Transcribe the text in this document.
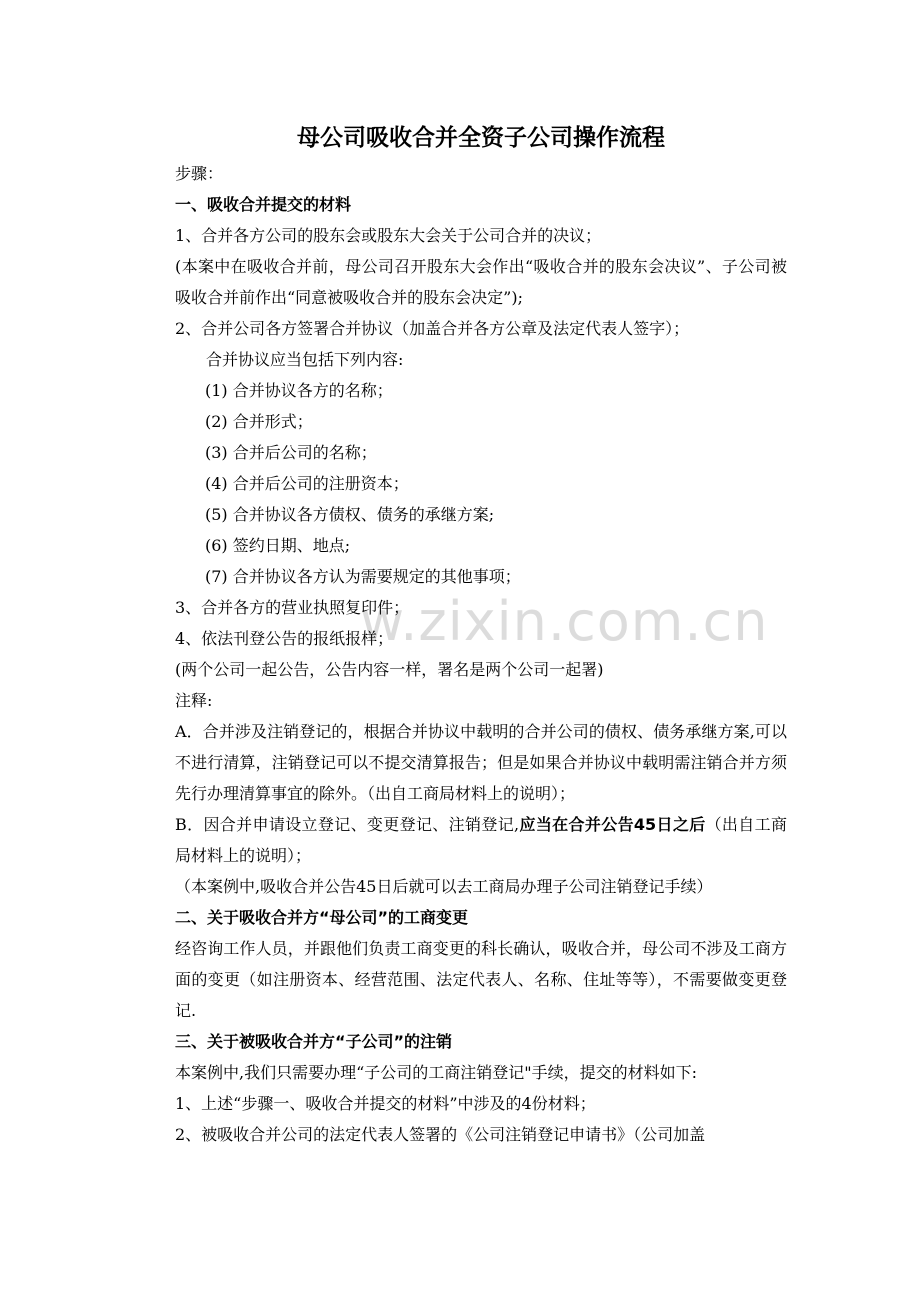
w.zixin.com.cn
母公司吸收合并全资子公司操作流程
步骤：
一、吸收合并提交的材料
1、合并各方公司的股东会或股东大会关于公司合并的决议；

(本案中在吸收合并前，母公司召开股东大会作出“吸收合并的股东会决议”、子公司被吸收合并前作出“同意被吸收合并的股东会决定”);

2、合并公司各方签署合并协议（加盖合并各方公章及法定代表人签字）；
合并协议应当包括下列内容:
(1) 合并协议各方的名称；
(2) 合并形式；
(3) 合并后公司的名称；
(4) 合并后公司的注册资本；
(5) 合并协议各方债权、债务的承继方案;
(6) 签约日期、地点;
(7) 合并协议各方认为需要规定的其他事项；
3、合并各方的营业执照复印件；
4、依法刊登公告的报纸报样；
(两个公司一起公告，公告内容一样，署名是两个公司一起署)
注释:

A．合并涉及注销登记的，根据合并协议中载明的合并公司的债权、债务承继方案,可以不进行清算，注销登记可以不提交清算报告；但是如果合并协议中载明需注销合并方须先行办理清算事宜的除外。（出自工商局材料上的说明）；

B．因合并申请设立登记、变更登记、注销登记,应当在合并公告45日之后（出自工商局材料上的说明）；

（本案例中,吸收合并公告45日后就可以去工商局办理子公司注销登记手续）

二、关于吸收合并方“母公司”的工商变更

经咨询工作人员，并跟他们负责工商变更的科长确认，吸收合并，母公司不涉及工商方面的变更（如注册资本、经营范围、法定代表人、名称、住址等等），不需要做变更登记.

三、关于被吸收合并方“子公司”的注销
本案例中,我们只需要办理“子公司的工商注销登记"手续，提交的材料如下:
1、上述“步骤一、吸收合并提交的材料”中涉及的4份材料；
2、被吸收合并公司的法定代表人签署的《公司注销登记申请书》（公司加盖
